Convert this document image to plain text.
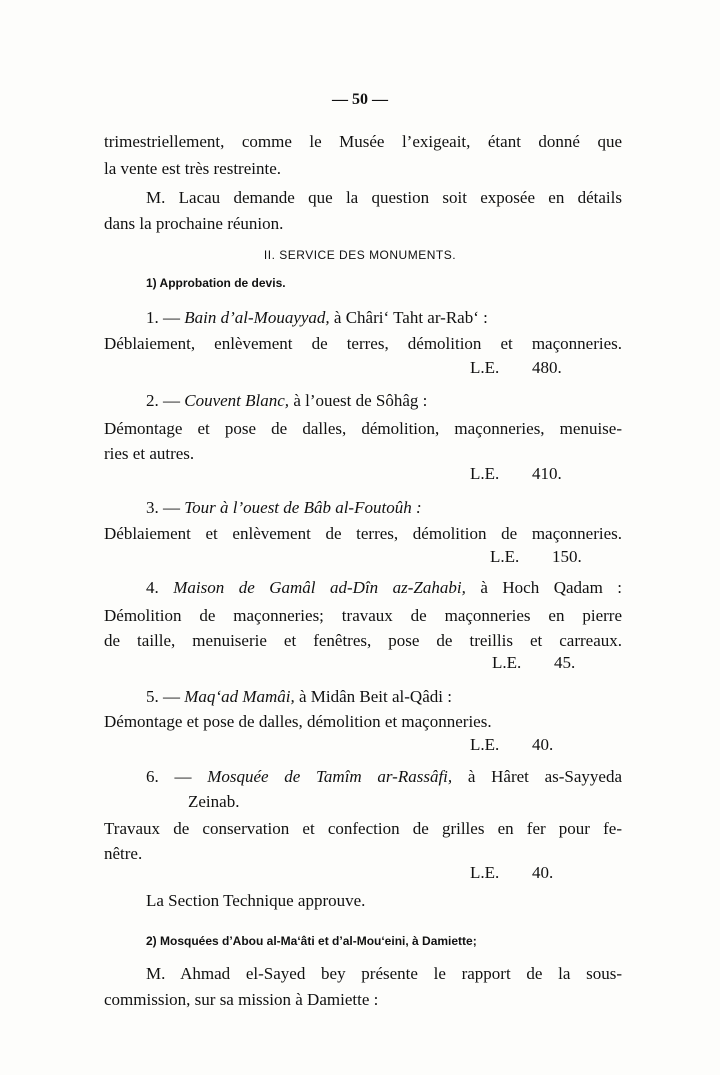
— 50 —
trimestriellement, comme le Musée l’exigeait, étant donné que
la vente est très restreinte.
M. Lacau demande que la question soit exposée en détails
dans la prochaine réunion.
II. SERVICE DES MONUMENTS.
1) Approbation de devis.
1. — Bain d’al-Mouayyad, à Châri‘ Taht ar-Rab‘ :
Déblaiement, enlèvement de terres, démolition et maçonneries.
L.E. 480.
2. — Couvent Blanc, à l’ouest de Sôhâg :
Démontage et pose de dalles, démolition, maçonneries, menuise-
ries et autres.
L.E. 410.
3. — Tour à l’ouest de Bâb al-Foutoûh :
Déblaiement et enlèvement de terres, démolition de maçonneries.
L.E. 150.
4. Maison de Gamâl ad-Dîn az-Zahabi, à Hoch Qadam :
Démolition de maçonneries; travaux de maçonneries en pierre
de taille, menuiserie et fenêtres, pose de treillis et carreaux.
L.E. 45.
5. — Maq‘ad Mamâi, à Midân Beit al-Qâdi :
Démontage et pose de dalles, démolition et maçonneries.
L.E. 40.
6. — Mosquée de Tamîm ar-Rassâfi, à Hâret as-Sayyeda
Zeinab.
Travaux de conservation et confection de grilles en fer pour fe-
nêtre.
L.E. 40.
La Section Technique approuve.
2) Mosquées d’Abou al-Ma‘âti et d’al-Mou‘eini, à Damiette;
M. Ahmad el-Sayed bey présente le rapport de la sous-
commission, sur sa mission à Damiette :
